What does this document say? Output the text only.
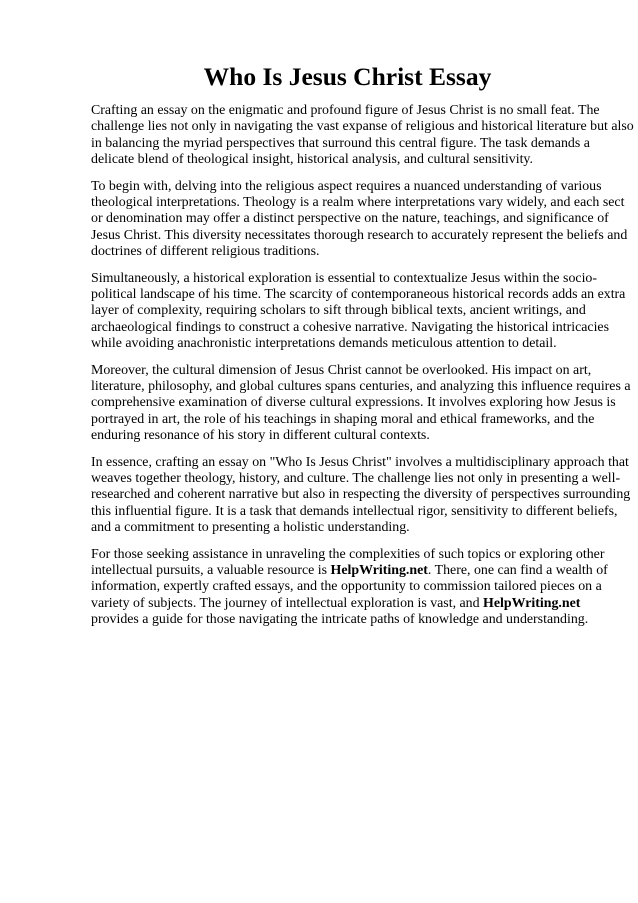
Who Is Jesus Christ Essay

Crafting an essay on the enigmatic and profound figure of Jesus Christ is no small feat. The
challenge lies not only in navigating the vast expanse of religious and historical literature but also
in balancing the myriad perspectives that surround this central figure. The task demands a
delicate blend of theological insight, historical analysis, and cultural sensitivity.

To begin with, delving into the religious aspect requires a nuanced understanding of various
theological interpretations. Theology is a realm where interpretations vary widely, and each sect
or denomination may offer a distinct perspective on the nature, teachings, and significance of
Jesus Christ. This diversity necessitates thorough research to accurately represent the beliefs and
doctrines of different religious traditions.

Simultaneously, a historical exploration is essential to contextualize Jesus within the socio-
political landscape of his time. The scarcity of contemporaneous historical records adds an extra
layer of complexity, requiring scholars to sift through biblical texts, ancient writings, and
archaeological findings to construct a cohesive narrative. Navigating the historical intricacies
while avoiding anachronistic interpretations demands meticulous attention to detail.

Moreover, the cultural dimension of Jesus Christ cannot be overlooked. His impact on art,
literature, philosophy, and global cultures spans centuries, and analyzing this influence requires a
comprehensive examination of diverse cultural expressions. It involves exploring how Jesus is
portrayed in art, the role of his teachings in shaping moral and ethical frameworks, and the
enduring resonance of his story in different cultural contexts.

In essence, crafting an essay on "Who Is Jesus Christ" involves a multidisciplinary approach that
weaves together theology, history, and culture. The challenge lies not only in presenting a well-
researched and coherent narrative but also in respecting the diversity of perspectives surrounding
this influential figure. It is a task that demands intellectual rigor, sensitivity to different beliefs,
and a commitment to presenting a holistic understanding.

For those seeking assistance in unraveling the complexities of such topics or exploring other
intellectual pursuits, a valuable resource is HelpWriting.net. There, one can find a wealth of
information, expertly crafted essays, and the opportunity to commission tailored pieces on a
variety of subjects. The journey of intellectual exploration is vast, and HelpWriting.net
provides a guide for those navigating the intricate paths of knowledge and understanding.
